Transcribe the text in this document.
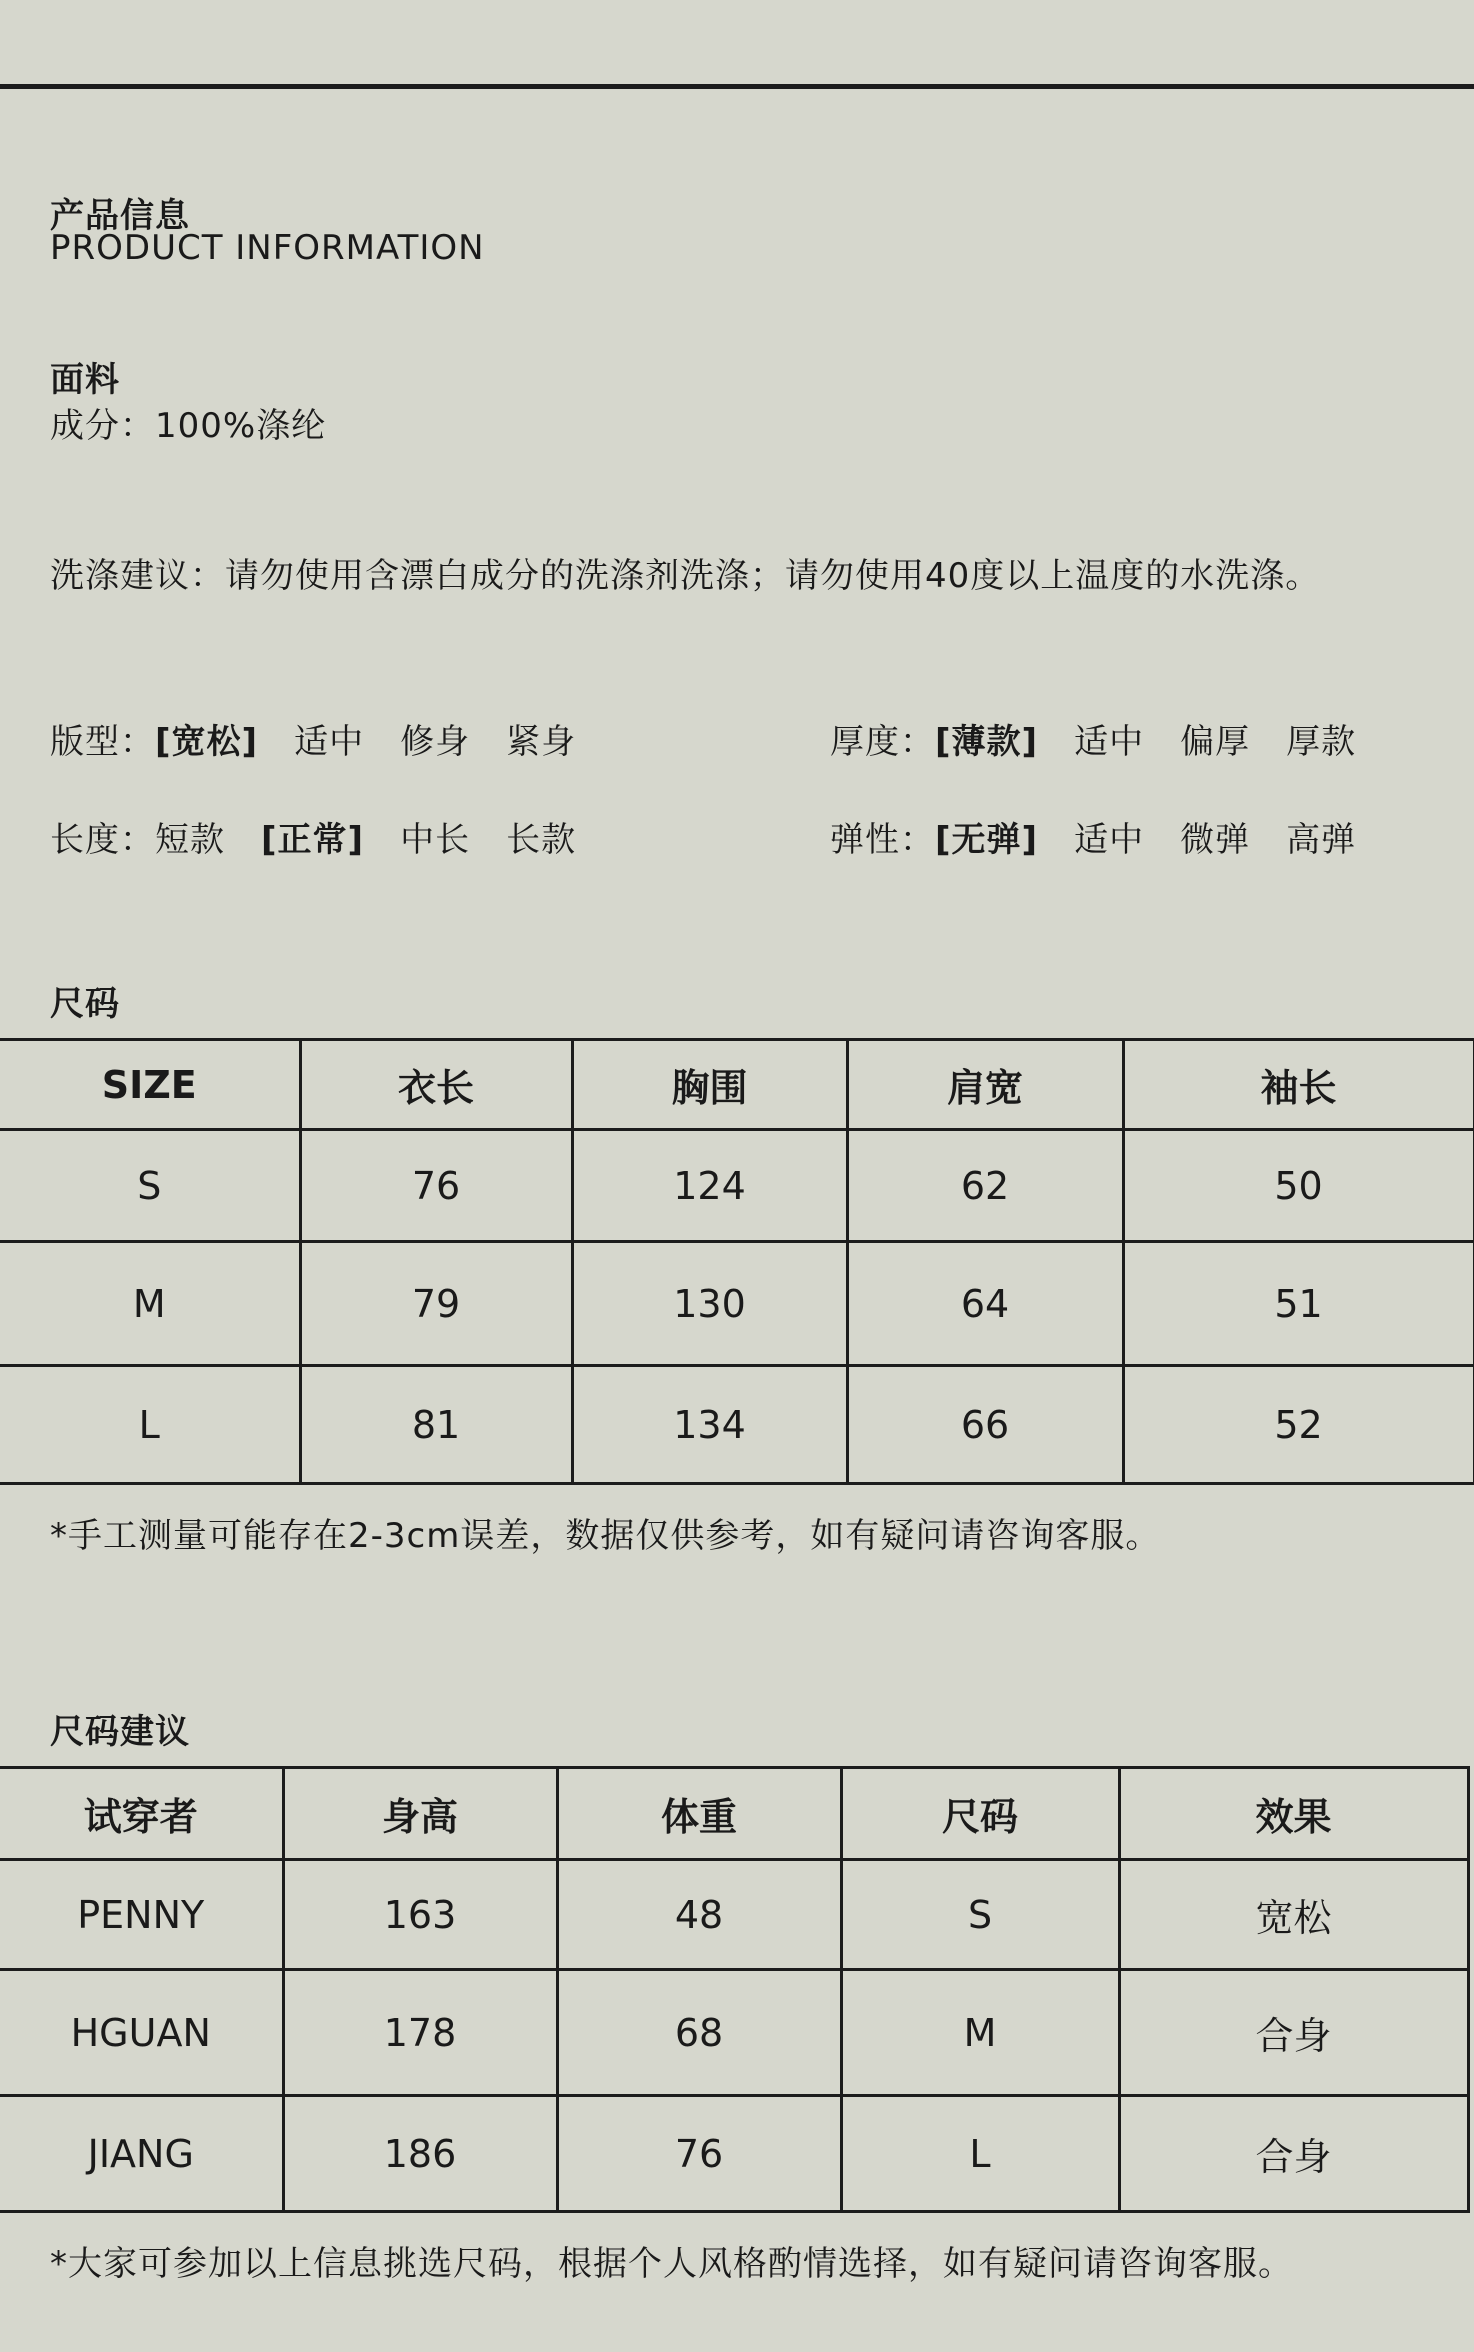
产品信息
PRODUCT INFORMATION
面料
成分：100%涤纶
洗涤建议：请勿使用含漂白成分的洗涤剂洗涤；请勿使用40度以上温度的水洗涤。
版型：[宽松] 适中 修身 紧身	厚度：[薄款] 适中 偏厚 厚款
长度：短款 [正常] 中长 长款	弹性：[无弹] 适中 微弹 高弹
尺码
SIZE	衣长	胸围	肩宽	袖长
S	76	124	62	50
M	79	130	64	51
L	81	134	66	52
*手工测量可能存在2-3cm误差，数据仅供参考，如有疑问请咨询客服。
尺码建议
试穿者	身高	体重	尺码	效果
PENNY	163	48	S	宽松
HGUAN	178	68	M	合身
JIANG	186	76	L	合身
*大家可参加以上信息挑选尺码，根据个人风格酌情选择，如有疑问请咨询客服。
